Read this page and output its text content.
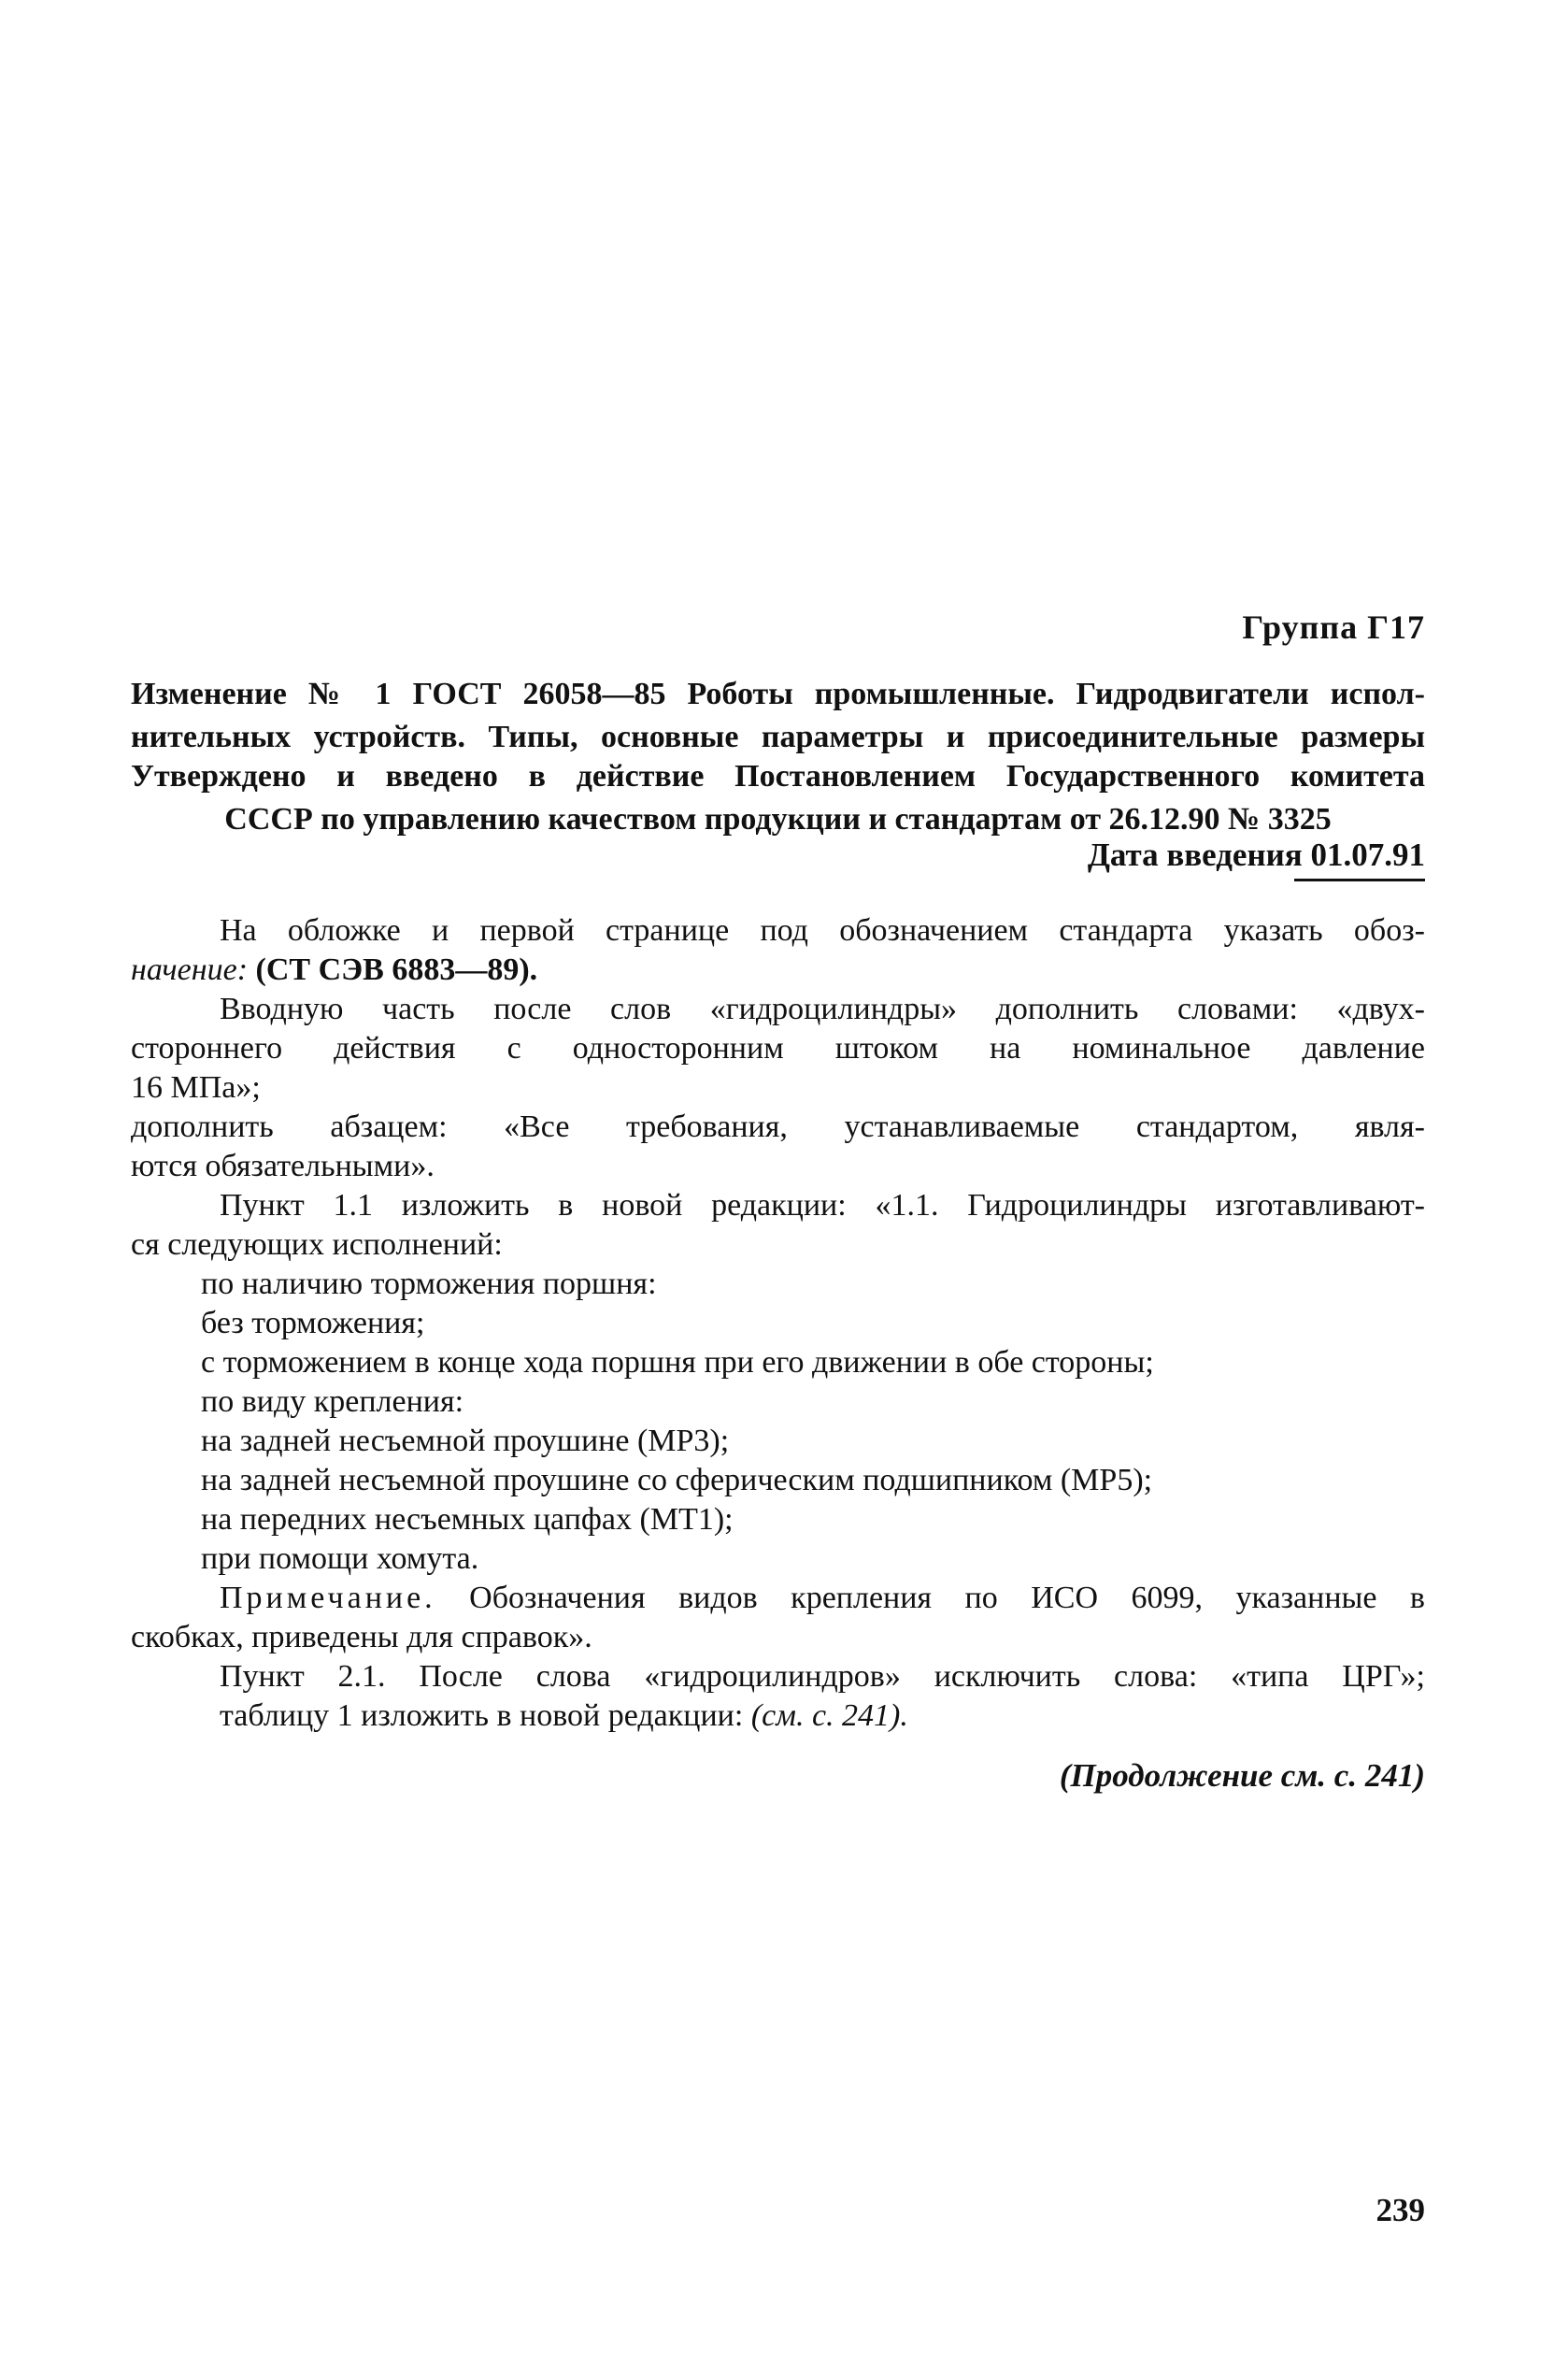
Группа Г17
Изменение № 1 ГОСТ 26058—85 Роботы промышленные. Гидродвигатели испол-
нительных устройств. Типы, основные параметры и присоединительные размеры
Утверждено и введено в действие Постановлением Государственного комитета
СССР по управлению качеством продукции и стандартам от 26.12.90 № 3325
Дата введения 01.07.91
На обложке и первой странице под обозначением стандарта указать обоз-
начение: (СТ СЭВ 6883—89).
Вводную часть после слов «гидроцилиндры» дополнить словами: «двух-
стороннего действия с односторонним штоком на номинальное давление
16 МПа»;
дополнить абзацем: «Все требования, устанавливаемые стандартом, явля-
ются обязательными».
Пункт 1.1 изложить в новой редакции: «1.1. Гидроцилиндры изготавливают-
ся следующих исполнений:
по наличию торможения поршня:
без торможения;
с торможением в конце хода поршня при его движении в обе стороны;
по виду крепления:
на задней несъемной проушине (МР3);
на задней несъемной проушине со сферическим подшипником (МР5);
на передних несъемных цапфах (МТ1);
при помощи хомута.
Примечание. Обозначения видов крепления по ИСО 6099, указанные в
скобках, приведены для справок».
Пункт 2.1. После слова «гидроцилиндров» исключить слова: «типа ЦРГ»;
таблицу 1 изложить в новой редакции: (см. с. 241).
(Продолжение см. с. 241)
239
